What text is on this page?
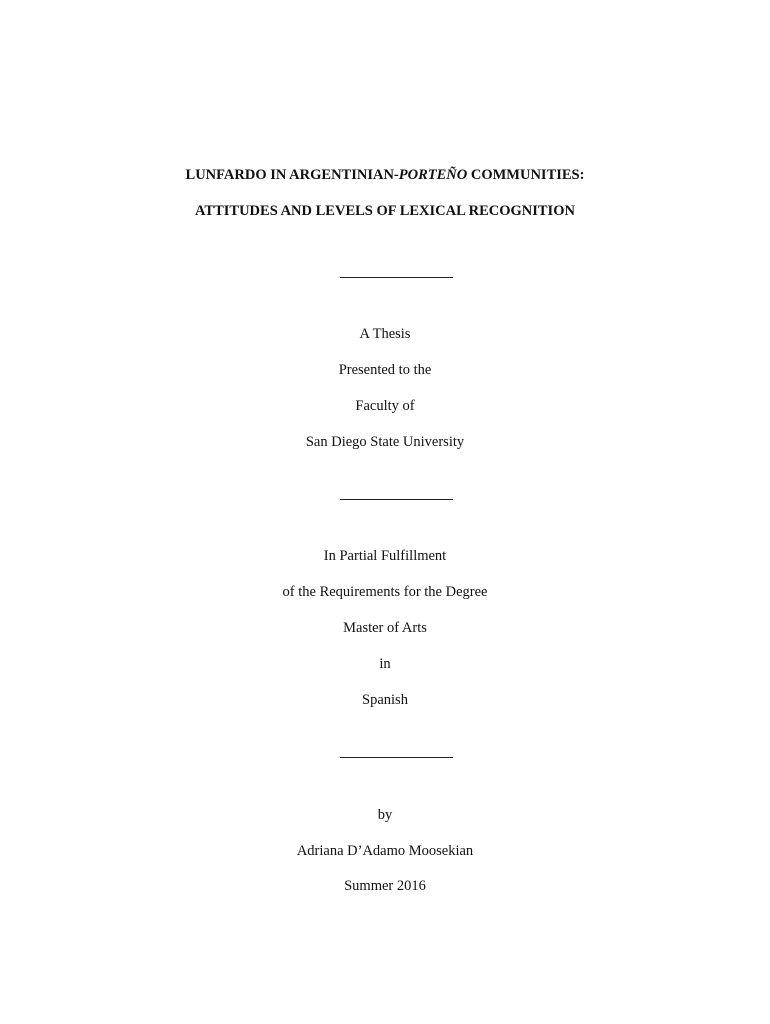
LUNFARDO IN ARGENTINIAN-PORTEÑO COMMUNITIES:
ATTITUDES AND LEVELS OF LEXICAL RECOGNITION
A Thesis
Presented to the
Faculty of
San Diego State University
In Partial Fulfillment
of the Requirements for the Degree
Master of Arts
in
Spanish
by
Adriana D’Adamo Moosekian
Summer 2016
